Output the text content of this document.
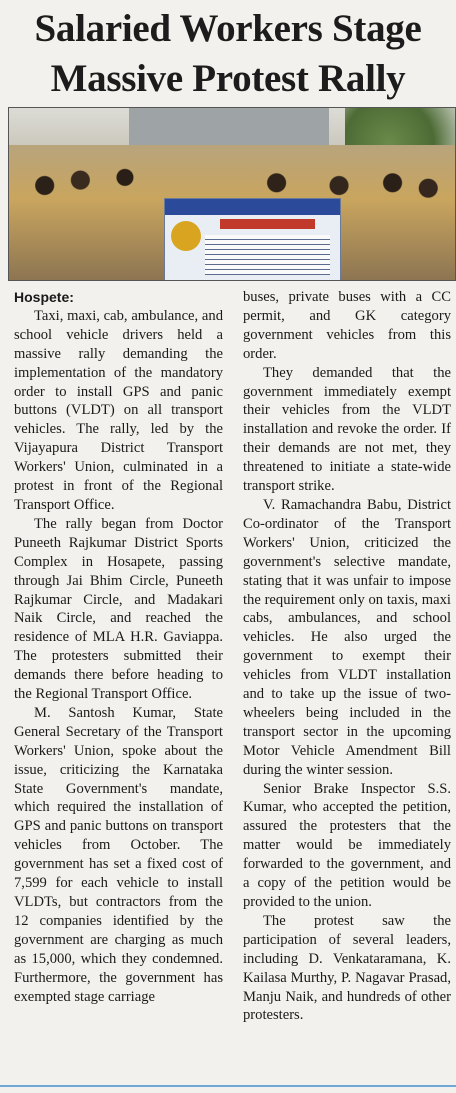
Salaried Workers Stage
Massive Protest Rally

Hospete:

Taxi, maxi, cab, ambulance, and school vehicle drivers held a massive rally demanding the implementation of the mandatory order to install GPS and panic buttons (VLDT) on all transport vehicles. The rally, led by the Vijayapura District Transport Workers' Union, culminated in a protest in front of the Regional Transport Office.

The rally began from Doctor Puneeth Rajkumar District Sports Complex in Hosapete, passing through Jai Bhim Circle, Puneeth Rajkumar Circle, and Madakari Naik Circle, and reached the residence of MLA H.R. Gaviappa. The protesters submitted their demands there before heading to the Regional Transport Office.

M. Santosh Kumar, State General Secretary of the Transport Workers' Union, spoke about the issue, criticizing the Karnataka State Government's mandate, which required the installation of GPS and panic buttons on transport vehicles from October. The government has set a fixed cost of 7,599 for each vehicle to install VLDTs, but contractors from the 12 companies identified by the government are charging as much as 15,000, which they condemned. Furthermore, the government has exempted stage carriage

buses, private buses with a CC permit, and GK category government vehicles from this order.

They demanded that the government immediately exempt their vehicles from the VLDT installation and revoke the order. If their demands are not met, they threatened to initiate a state-wide transport strike.

V. Ramachandra Babu, District Co-ordinator of the Transport Workers' Union, criticized the government's selective mandate, stating that it was unfair to impose the requirement only on taxis, maxi cabs, ambulances, and school vehicles. He also urged the government to exempt their vehicles from VLDT installation and to take up the issue of two-wheelers being included in the transport sector in the upcoming Motor Vehicle Amendment Bill during the winter session.

Senior Brake Inspector S.S. Kumar, who accepted the petition, assured the protesters that the matter would be immediately forwarded to the government, and a copy of the petition would be provided to the union.

The protest saw the participation of several leaders, including D. Venkataramana, K. Kailasa Murthy, P. Nagavar Prasad, Manju Naik, and hundreds of other protesters.
